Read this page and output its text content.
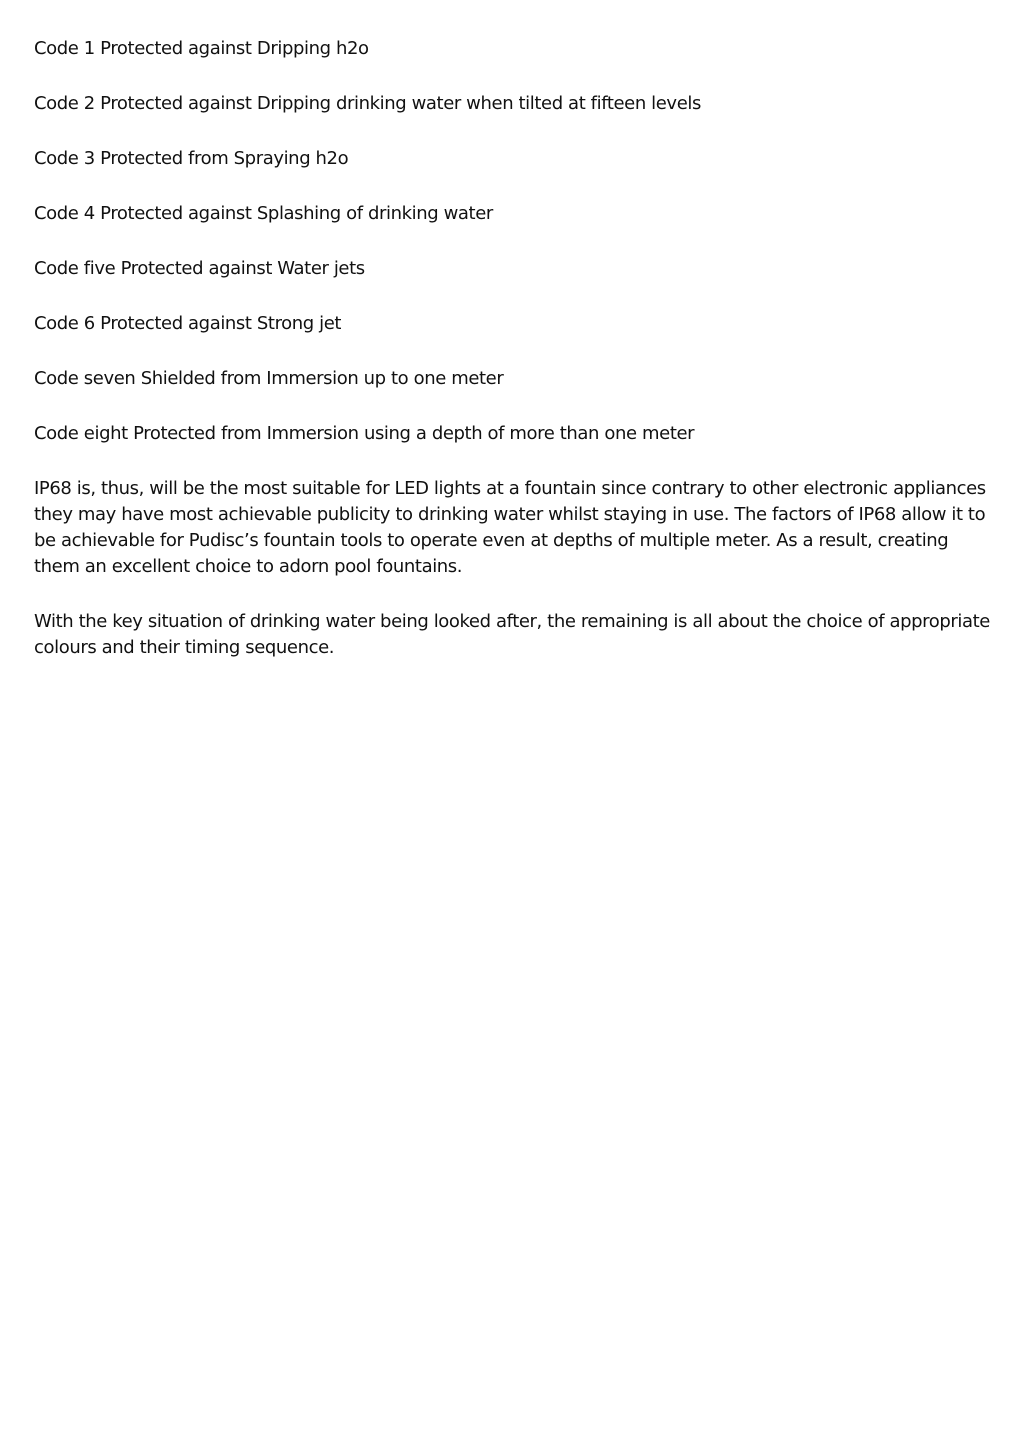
Code 1 Protected against Dripping h2o

Code 2 Protected against Dripping drinking water when tilted at fifteen levels

Code 3 Protected from Spraying h2o

Code 4 Protected against Splashing of drinking water

Code five Protected against Water jets

Code 6 Protected against Strong jet

Code seven Shielded from Immersion up to one meter

Code eight Protected from Immersion using a depth of more than one meter

IP68 is, thus, will be the most suitable for LED lights at a fountain since contrary to other electronic appliances they may have most achievable publicity to drinking water whilst staying in use. The factors of IP68 allow it to be achievable for Pudisc’s fountain tools to operate even at depths of multiple meter. As a result, creating them an excellent choice to adorn pool fountains.

With the key situation of drinking water being looked after, the remaining is all about the choice of appropriate colours and their timing sequence.
